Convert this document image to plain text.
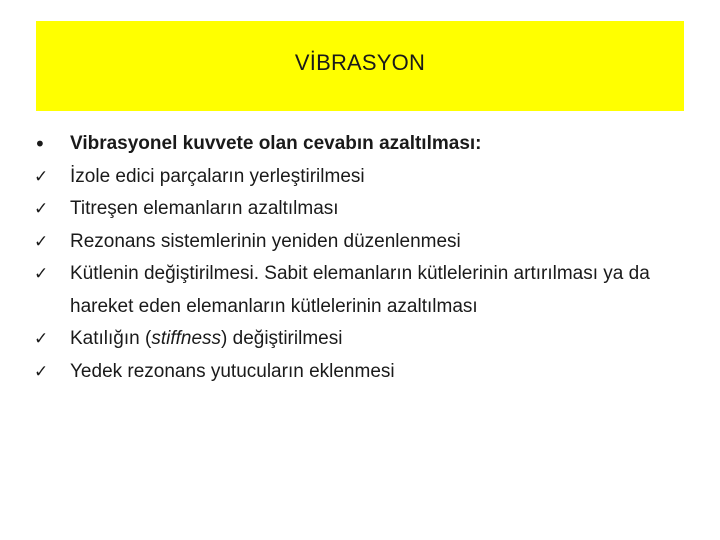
VİBRASYON
•	Vibrasyonel kuvvete olan cevabın azaltılması:
✓	İzole edici parçaların yerleştirilmesi
✓	Titreşen elemanların azaltılması
✓	Rezonans sistemlerinin yeniden düzenlenmesi
✓	Kütlenin değiştirilmesi. Sabit elemanların kütlelerinin artırılması ya da hareket eden elemanların kütlelerinin azaltılması
✓	Katılığın (stiffness) değiştirilmesi
✓	Yedek rezonans yutucuların eklenmesi
